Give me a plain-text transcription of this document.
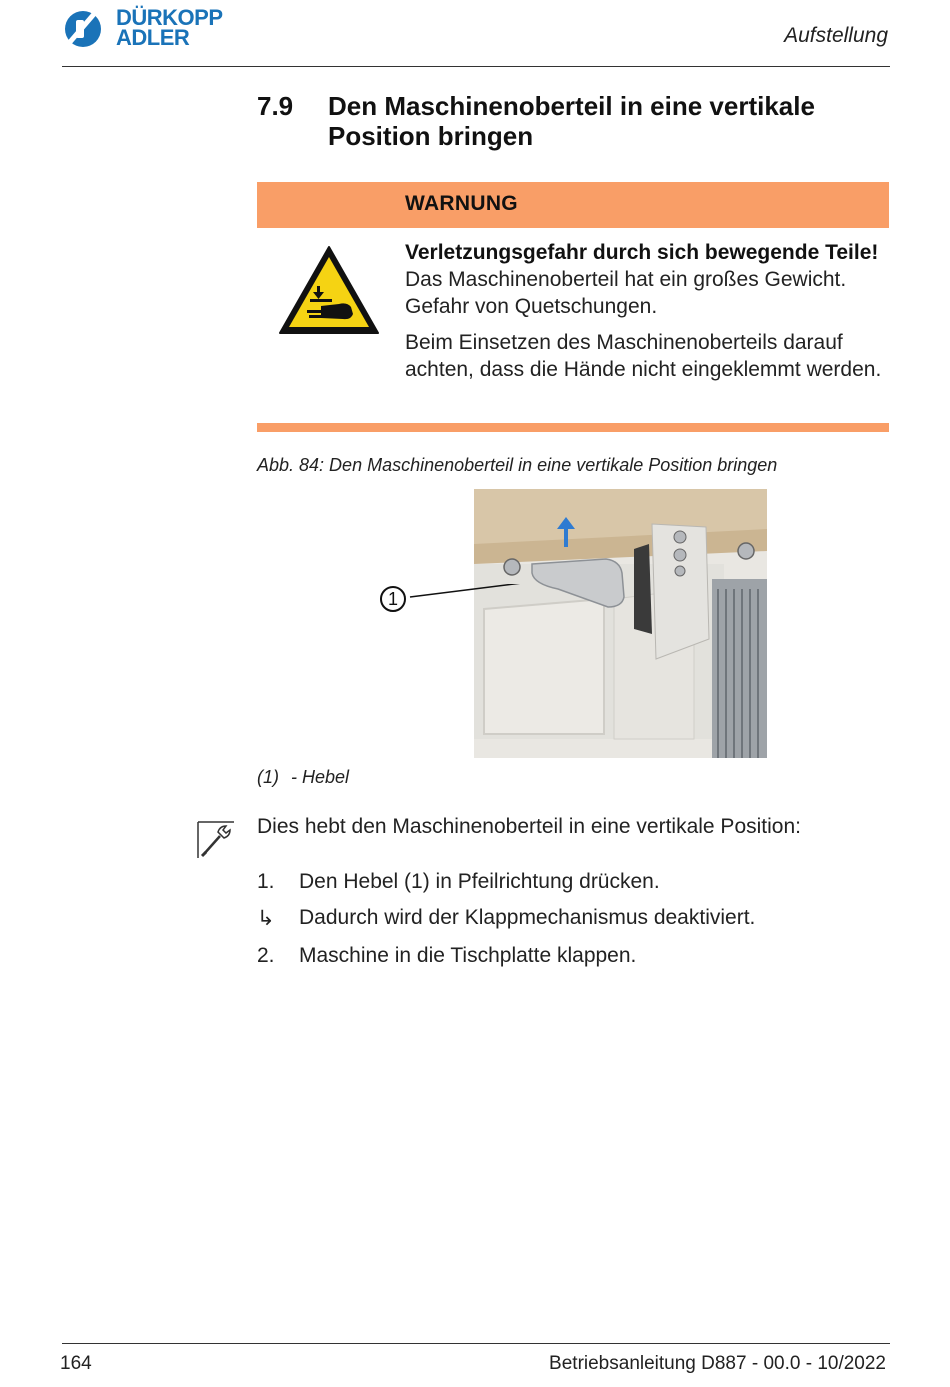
DÜRKOPP
ADLER	Aufstellung
7.9 Den Maschinenoberteil in eine vertikale Position bringen
WARNUNG

Verletzungsgefahr durch sich bewegende Teile!

Das Maschinenoberteil hat ein großes Gewicht. Gefahr von Quetschungen.

Beim Einsetzen des Maschinenoberteils darauf achten, dass die Hände nicht eingeklemmt werden.

Abb. 84: Den Maschinenoberteil in eine vertikale Position bringen
1
(1) - Hebel
Dies hebt den Maschinenoberteil in eine vertikale Position:
1. Den Hebel (1) in Pfeilrichtung drücken.
↳ Dadurch wird der Klappmechanismus deaktiviert.
2. Maschine in die Tischplatte klappen.
164	Betriebsanleitung D887 - 00.0 - 10/2022
